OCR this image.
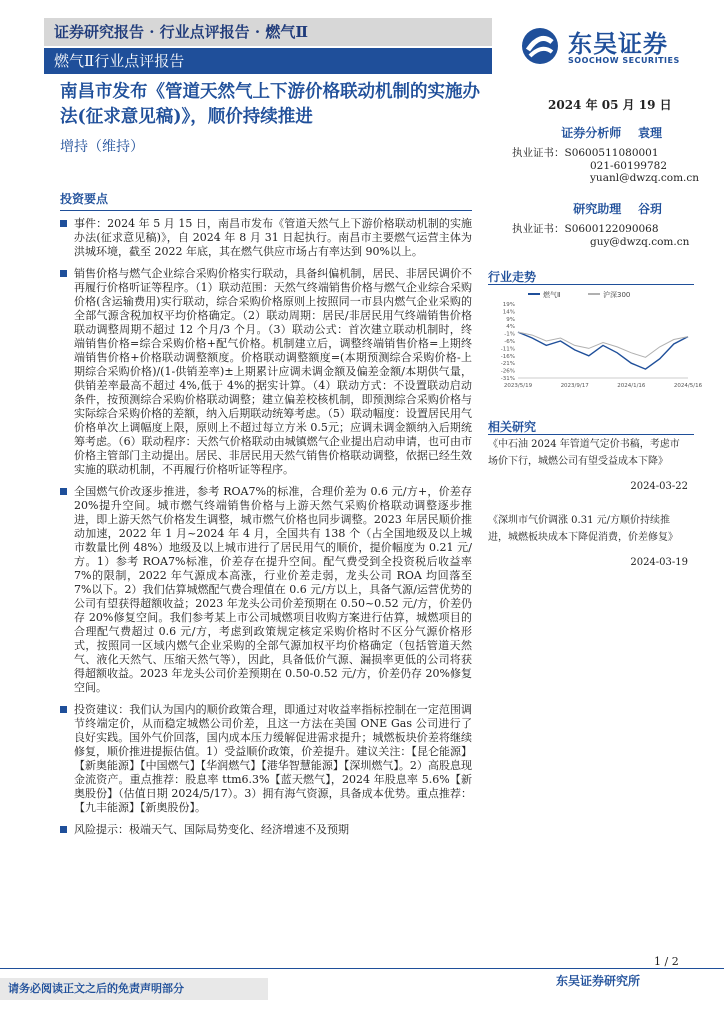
证券研究报告 · 行业点评报告 · 燃气Ⅱ
燃气Ⅱ行业点评报告
东吴证券
SOOCHOW SECURITIES
南昌市发布《管道天然气上下游价格联动机制的实施办法(征求意见稿)》，顺价持续推进
增持（维持）
2024 年 05 月 19 日
证券分析师 袁理
执业证书：S0600511080001
021-60199782
yuanl@dwzq.com.cn
研究助理 谷玥
执业证书：S0600122090068
guy@dwzq.com.cn
行业走势
燃气Ⅱ	沪深300
19%
14%
9%
4%
-1%
-6%
-11%
-16%
-21%
-26%
-31%
2023/5/19	2023/9/17	2024/1/16	2024/5/16
相关研究
《中石油 2024 年管道气定价书稿，考虑市场价下行，城燃公司有望受益成本下降》
2024-03-22
《深圳市气价调涨 0.31 元/方顺价持续推进，城燃板块成本下降促消费，价差修复》
2024-03-19
投资要点
事件：2024 年 5 月 15 日，南昌市发布《管道天然气上下游价格联动机制的实施办法(征求意见稿)》，自 2024 年 8 月 31 日起执行。南昌市主要燃气运营主体为洪城环境，截至 2022 年底，其在燃气供应市场占有率达到 90%以上。
销售价格与燃气企业综合采购价格实行联动，具备纠偏机制，居民、非居民调价不再履行价格听证等程序。（1）联动范围：天然气终端销售价格与燃气企业综合采购价格(含运输费用)实行联动，综合采购价格原则上按照同一市县内燃气企业采购的全部气源含税加权平均价格确定。（2）联动周期：居民/非居民用气终端销售价格联动调整周期不超过 12 个月/3 个月。（3）联动公式：首次建立联动机制时，终端销售价格=综合采购价格+配气价格。机制建立后，调整终端销售价格=上期终端销售价格+价格联动调整额度。价格联动调整额度=(本期预测综合采购价格-上期综合采购价格)/(1-供销差率)±上期累计应调未调金额及偏差金额/本期供气量，供销差率最高不超过 4%,低于 4%的据实计算。（4）联动方式：不设置联动启动条件，按预测综合采购价格联动调整；建立偏差校核机制，即预测综合采购价格与实际综合采购价格的差额，纳入后期联动统筹考虑。（5）联动幅度：设置居民用气价格单次上调幅度上限，原则上不超过每立方米 0.5元；应调未调金额纳入后期统筹考虑。（6）联动程序：天然气价格联动由城镇燃气企业提出启动申请，也可由市价格主管部门主动提出。居民、非居民用天然气销售价格联动调整，依据已经生效实施的联动机制，不再履行价格听证等程序。
全国燃气价改逐步推进，参考 ROA7%的标准，合理价差为 0.6 元/方+，价差存 20%提升空间。城市燃气终端销售价格与上游天然气采购价格联动调整逐步推进，即上游天然气价格发生调整，城市燃气价格也同步调整。2023 年居民顺价推动加速，2022 年 1 月~2024 年 4 月，全国共有 138 个（占全国地级及以上城市数量比例 48%）地级及以上城市进行了居民用气的顺价，提价幅度为 0.21 元/方。1）参考 ROA7%标准，价差存在提升空间。配气费受到全投资税后收益率 7%的限制，2022 年气源成本高涨，行业价差走弱，龙头公司 ROA 均回落至 7%以下。2）我们估算城燃配气费合理值在 0.6 元/方以上，具备气源/运营优势的公司有望获得超额收益；2023 年龙头公司价差预期在 0.50~0.52 元/方，价差仍存 20%修复空间。我们参考某上市公司城燃项目收购方案进行估算，城燃项目的合理配气费超过 0.6 元/方，考虑到政策规定核定采购价格时不区分气源价格形式，按照同一区域内燃气企业采购的全部气源加权平均价格确定（包括管道天然气、液化天然气、压缩天然气等），因此，具备低价气源、漏损率更低的公司将获得超额收益。2023 年龙头公司价差预期在 0.50-0.52 元/方，价差仍存 20%修复空间。
投资建议：我们认为国内的顺价政策合理，即通过对收益率指标控制在一定范围调节终端定价，从而稳定城燃公司价差，且这一方法在美国 ONE Gas 公司进行了良好实践。国外气价回落，国内成本压力缓解促进需求提升；城燃板块价差将继续修复，顺价推进提振估值。1）受益顺价政策，价差提升。建议关注：【昆仑能源】【新奥能源】【中国燃气】【华润燃气】【港华智慧能源】【深圳燃气】。2）高股息现金流资产。重点推荐：股息率 ttm6.3%【蓝天燃气】，2024 年股息率 5.6%【新奥股份】（估值日期 2024/5/17）。3）拥有海气资源，具备成本优势。重点推荐：【九丰能源】【新奥股份】。
风险提示：极端天气、国际局势变化、经济增速不及预期
1 / 2
请务必阅读正文之后的免责声明部分
东吴证券研究所
